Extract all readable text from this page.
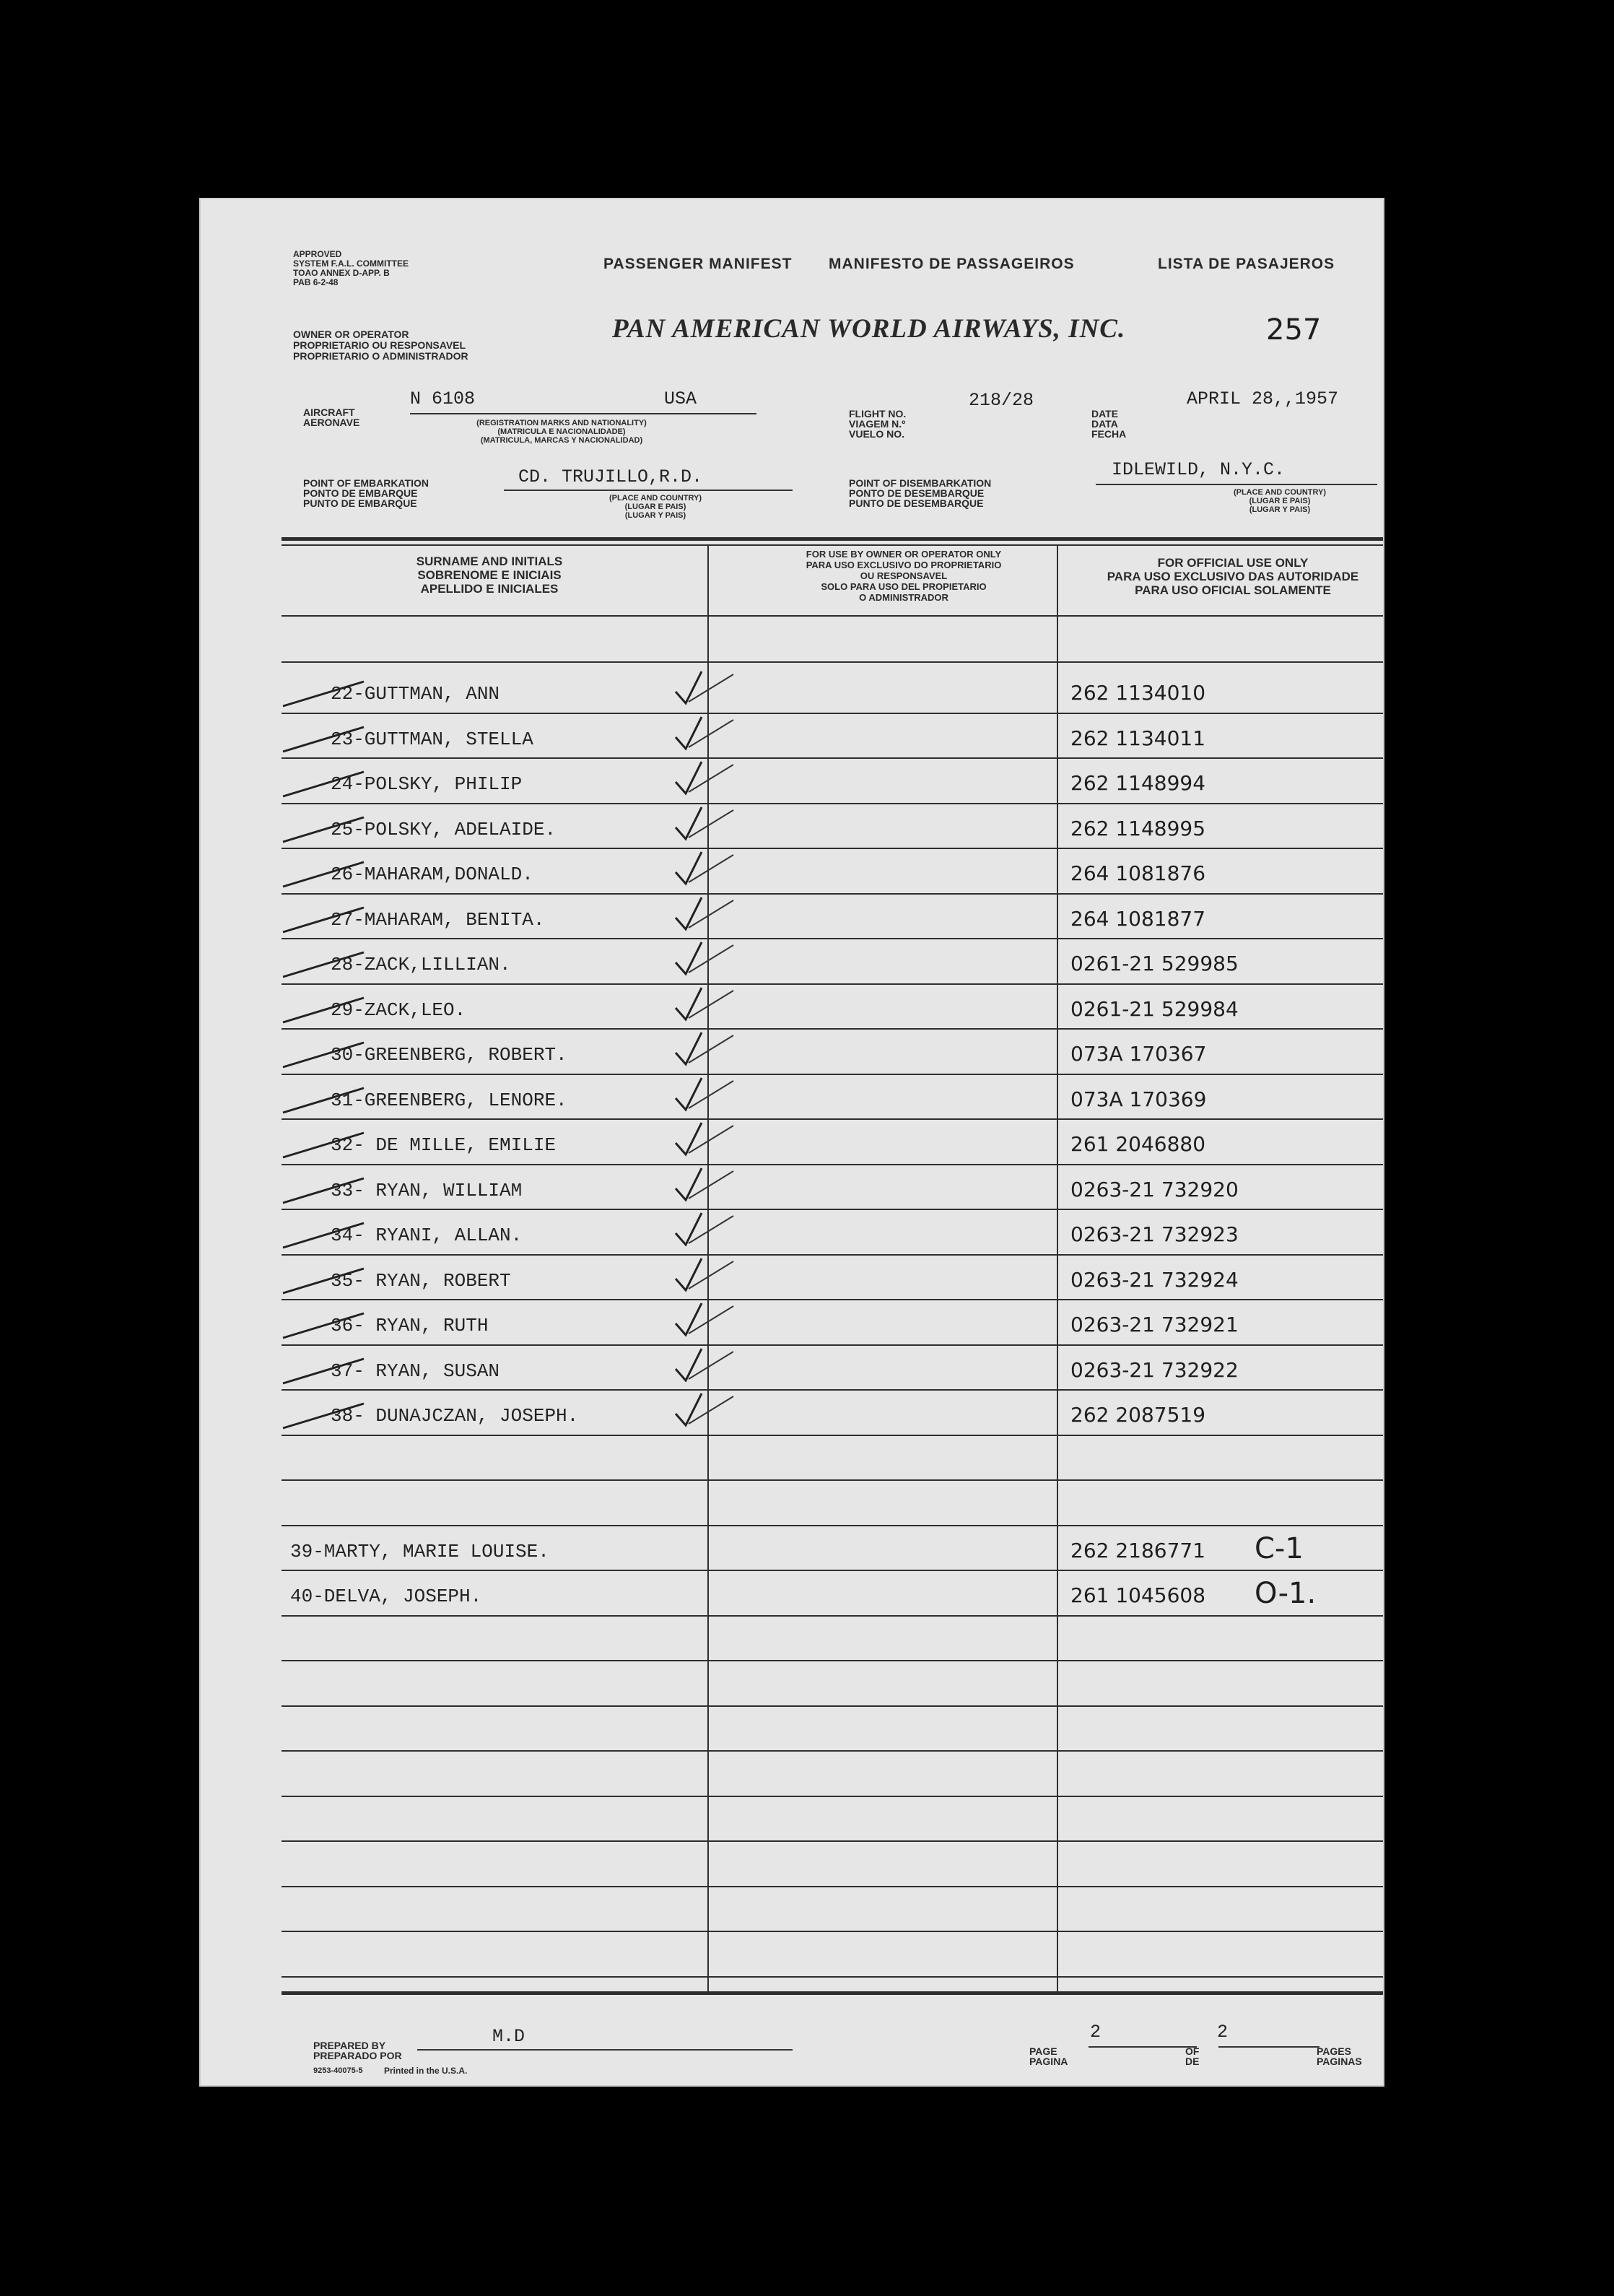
APPROVED
SYSTEM F.A.L. COMMITTEE
TOAO ANNEX D-APP. B
PAB 6-2-48
PASSENGER MANIFEST MANIFESTO DE PASSAGEIROS	LISTA DE PASAJEROS
OWNER OR OPERATOR
PROPRIETARIO OU RESPONSAVEL
PROPRIETARIO O ADMINISTRADOR
PAN AMERICAN WORLD AIRWAYS, INC.	257
AIRCRAFT
AERONAVE
N 6108	USA
(REGISTRATION MARKS AND NATIONALITY)
(MATRICULA E NACIONALIDADE)
(MATRICULA, MARCAS Y NACIONALIDAD)
FLIGHT NO.
VIAGEM N.º
VUELO NO.
218/28
DATE
DATA
FECHA
APRIL 28,,1957
POINT OF EMBARKATION
PONTO DE EMBARQUE
PUNTO DE EMBARQUE
CD. TRUJILLO,R.D.
(PLACE AND COUNTRY)
(LUGAR E PAIS)
(LUGAR Y PAIS)
POINT OF DISEMBARKATION
PONTO DE DESEMBARQUE
PUNTO DE DESEMBARQUE
IDLEWILD, N.Y.C.
(PLACE AND COUNTRY)
(LUGAR E PAIS)
(LUGAR Y PAIS)
SURNAME AND INITIALS
SOBRENOME E INICIAIS
APELLIDO E INICIALES
FOR USE BY OWNER OR OPERATOR ONLY
PARA USO EXCLUSIVO DO PROPRIETARIO
OU RESPONSAVEL
SOLO PARA USO DEL PROPIETARIO
O ADMINISTRADOR
FOR OFFICIAL USE ONLY
PARA USO EXCLUSIVO DAS AUTORIDADE
PARA USO OFICIAL SOLAMENTE
22-GUTTMAN, ANN	262 1134010
23-GUTTMAN, STELLA	262 1134011
24-POLSKY, PHILIP	262 1148994
25-POLSKY, ADELAIDE.	262 1148995
26-MAHARAM,DONALD.	264 1081876
27-MAHARAM, BENITA.	264 1081877
28-ZACK,LILLIAN.	0261-21 529985
29-ZACK,LEO.	0261-21 529984
30-GREENBERG, ROBERT.	073A 170367
31-GREENBERG, LENORE.	073A 170369
32- DE MILLE, EMILIE	261 2046880
33- RYAN, WILLIAM	0263-21 732920
34- RYANI, ALLAN.	0263-21 732923
35- RYAN, ROBERT	0263-21 732924
36- RYAN, RUTH	0263-21 732921
37- RYAN, SUSAN	0263-21 732922
38- DUNAJCZAN, JOSEPH.	262 2087519
39-MARTY, MARIE LOUISE.	262 2186771 C-1
40-DELVA, JOSEPH.	261 1045608 O-1.
PREPARED BY
PREPARADO POR
M.D
9253-40075-5 Printed in the U.S.A.
PAGE
PAGINA
2
OF
DE
2
PAGES
PAGINAS
